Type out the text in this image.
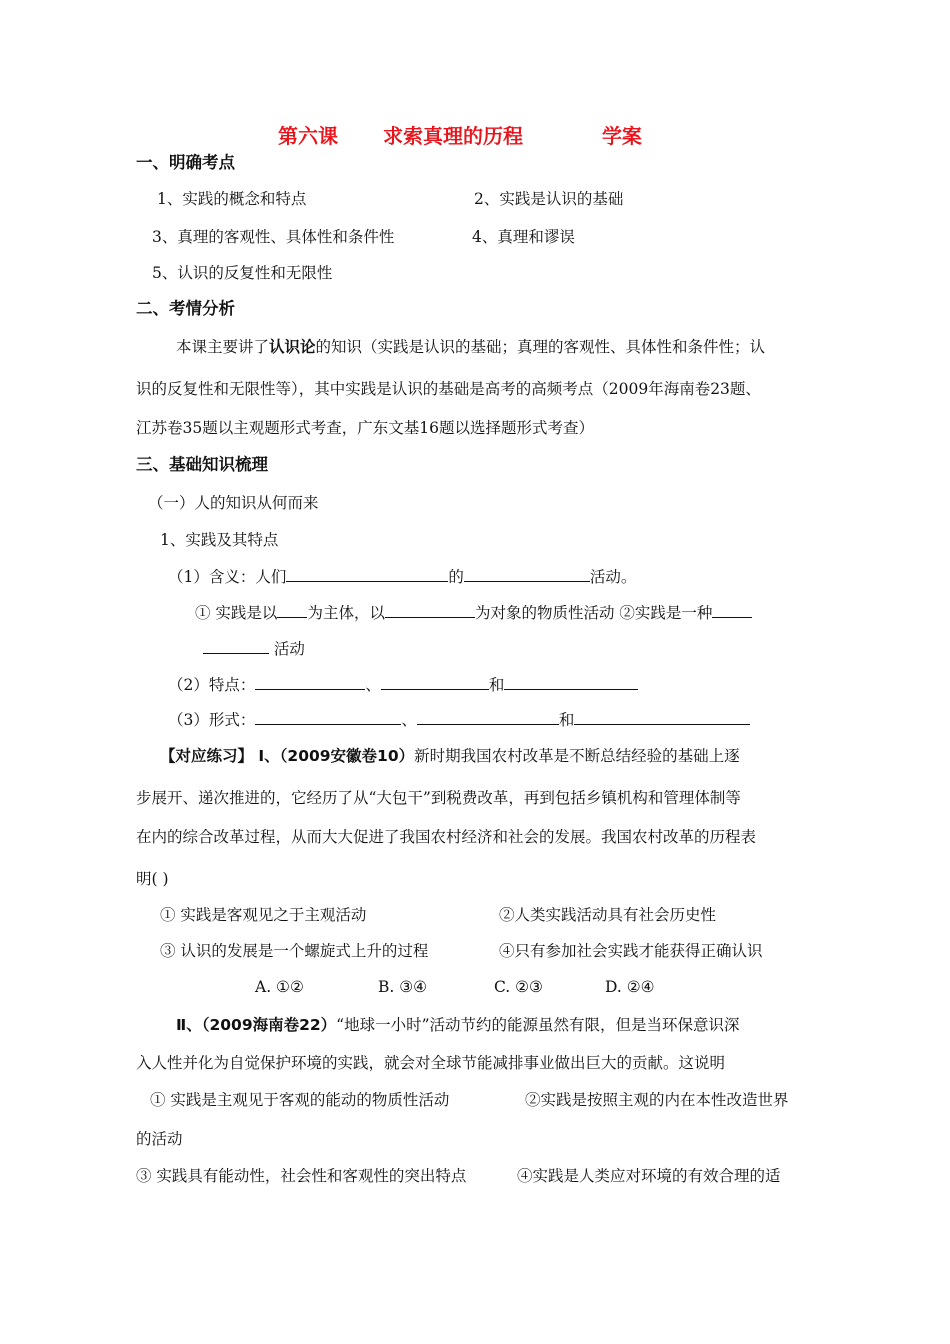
第六课 求索真理的历程	学案
一、明确考点
1、实践的概念和特点	2、实践是认识的基础
3、真理的客观性、具体性和条件性	4、真理和谬误
5、认识的反复性和无限性
二、考情分析
本课主要讲了认识论的知识（实践是认识的基础；真理的客观性、具体性和条件性；认
识的反复性和无限性等），其中实践是认识的基础是高考的高频考点（2009年海南卷23题、
江苏卷35题以主观题形式考查，广东文基16题以选择题形式考查）
三、基础知识梳理
（一）人的知识从何而来
1、实践及其特点
（1）含义：人们	的	活动。
① 实践是以 为主体，以	为对象的物质性活动 ②实践是一种
活动
（2）特点：	、	和
（3）形式：	、	和
【对应练习】 Ⅰ、（2009安徽卷10）新时期我国农村改革是不断总结经验的基础上逐
步展开、递次推进的，它经历了从“大包干”到税费改革，再到包括乡镇机构和管理体制等
在内的综合改革过程，从而大大促进了我国农村经济和社会的发展。我国农村改革的历程表
明( )
① 实践是客观见之于主观活动	②人类实践活动具有社会历史性
③ 认识的发展是一个螺旋式上升的过程	④只有参加社会实践才能获得正确认识
A. ①②	B. ③④	C. ②③	D. ②④
Ⅱ、（2009海南卷22）“地球一小时”活动节约的能源虽然有限，但是当环保意识深
入人性并化为自觉保护环境的实践，就会对全球节能减排事业做出巨大的贡献。这说明
① 实践是主观见于客观的能动的物质性活动	②实践是按照主观的内在本性改造世界
的活动
③ 实践具有能动性，社会性和客观性的突出特点	④实践是人类应对环境的有效合理的适
